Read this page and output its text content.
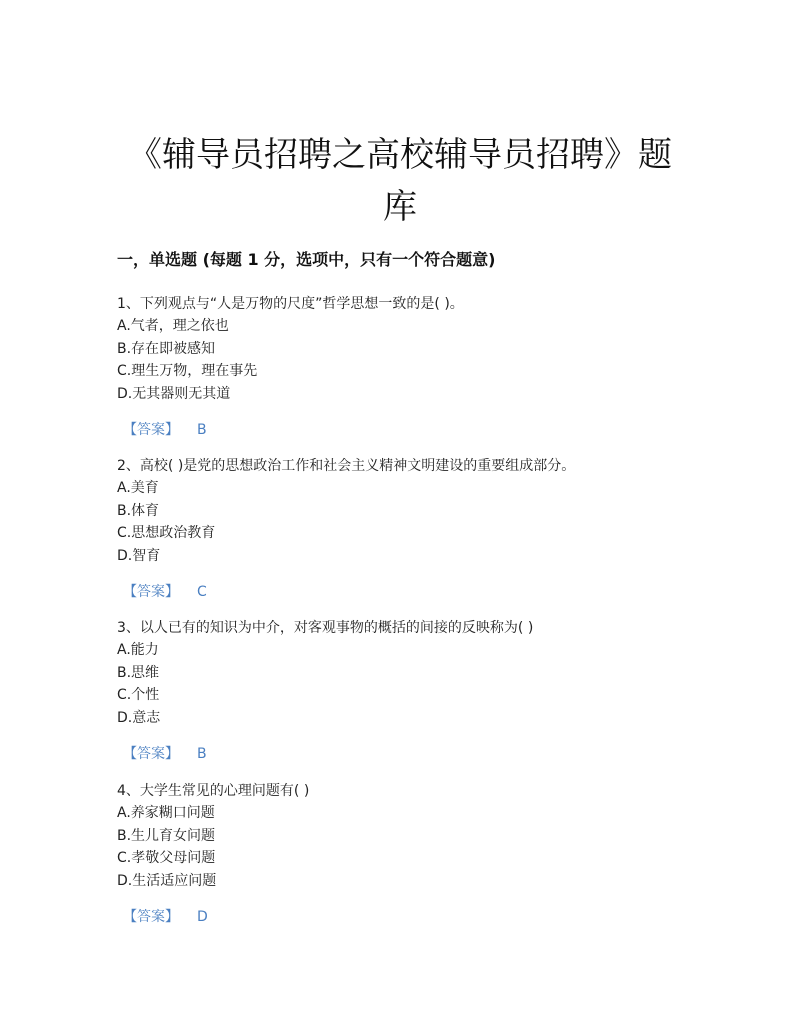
《辅导员招聘之高校辅导员招聘》题
库
一，单选题 (每题 1 分，选项中，只有一个符合题意)

1、下列观点与“人是万物的尺度”哲学思想一致的是( )。

A.气者，理之依也

B.存在即被感知

C.理生万物，理在事先

D.无其器则无其道

【答案】 B

2、高校( )是党的思想政治工作和社会主义精神文明建设的重要组成部分。

A.美育

B.体育

C.思想政治教育

D.智育

【答案】 C

3、以人已有的知识为中介，对客观事物的概括的间接的反映称为( )

A.能力

B.思维

C.个性

D.意志

【答案】 B

4、大学生常见的心理问题有( )

A.养家糊口问题

B.生儿育女问题

C.孝敬父母问题

D.生活适应问题

【答案】 D
